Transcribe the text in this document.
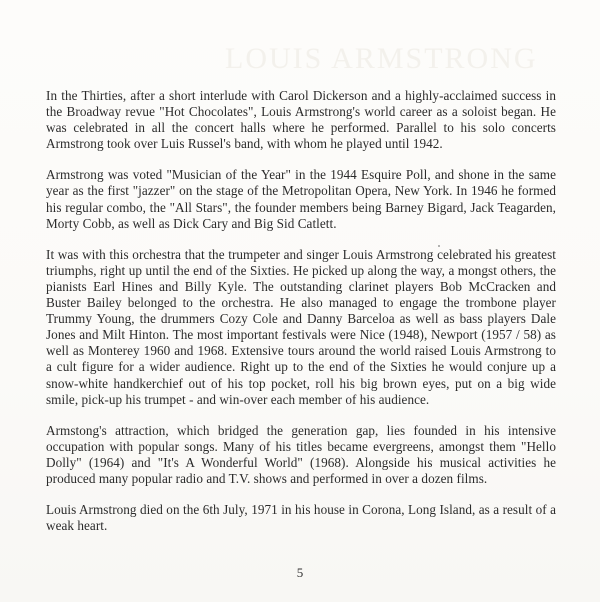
LOUIS ARMSTRONG

In the Thirties, after a short interlude with Carol Dickerson and a highly-acclaimed success in the Broadway revue "Hot Chocolates", Louis Armstrong's world career as a soloist began. He was celebrated in all the concert halls where he performed. Parallel to his solo concerts Armstrong took over Luis Russel's band, with whom he played until 1942.

Armstrong was voted "Musician of the Year" in the 1944 Esquire Poll, and shone in the same year as the first "jazzer" on the stage of the Metropolitan Opera, New York. In 1946 he formed his regular combo, the "All Stars", the founder members being Barney Bigard, Jack Teagarden, Morty Cobb, as well as Dick Cary and Big Sid Catlett.

It was with this orchestra that the trumpeter and singer Louis Armstrong celebrated his greatest triumphs, right up until the end of the Sixties. He picked up along the way, a mongst others, the pianists Earl Hines and Billy Kyle. The outstanding clarinet players Bob McCracken and Buster Bailey belonged to the orchestra. He also managed to engage the trombone player Trummy Young, the drummers Cozy Cole and Danny Barceloa as well as bass players Dale Jones and Milt Hinton. The most important festivals were Nice (1948), Newport (1957 / 58) as well as Monterey 1960 and 1968. Extensive tours around the world raised Louis Armstrong to a cult figure for a wider audience. Right up to the end of the Sixties he would conjure up a snow-white handkerchief out of his top pocket, roll his big brown eyes, put on a big wide smile, pick-up his trumpet - and win-over each member of his audience.

Armstong's attraction, which bridged the generation gap, lies founded in his intensive occupation with popular songs. Many of his titles became evergreens, amongst them "Hello Dolly" (1964) and "It's A Wonderful World" (1968). Alongside his musical activities he produced many popular radio and T.V. shows and performed in over a dozen films.

Louis Armstrong died on the 6th July, 1971 in his house in Corona, Long Island, as a result of a weak heart.

5
